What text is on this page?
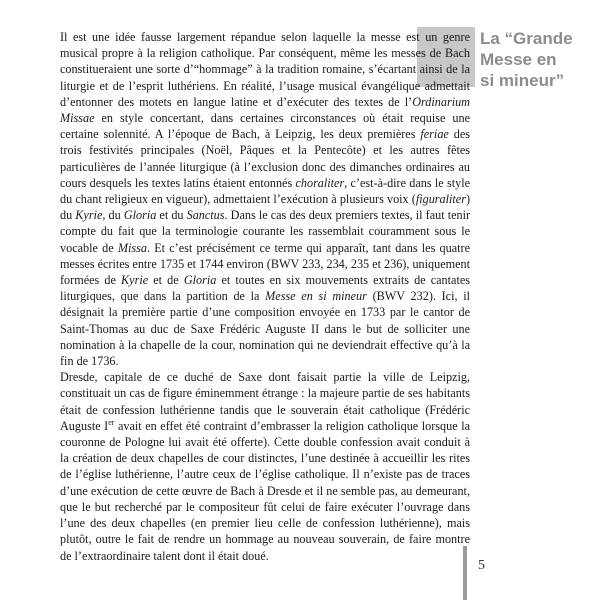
La “Grande
Messe en
si mineur”

Il est une idée fausse largement répandue selon laquelle la messe est un genre musical propre à la religion catholique. Par conséquent, même les messes de Bach constitueraient une sorte d’“hommage” à la tradition romaine, s’écartant ainsi de la liturgie et de l’esprit luthériens. En réalité, l’usage musical évangélique admettait d’entonner des motets en langue latine et d’exécuter des textes de l’Ordinarium Missae en style concertant, dans certaines circonstances où était requise une certaine solennité. A l’époque de Bach, à Leipzig, les deux premières feriae des trois festivités principales (Noël, Pâques et la Pentecôte) et les autres fêtes particulières de l’année liturgique (à l’exclusion donc des dimanches ordinaires au cours desquels les textes latins étaient entonnés choraliter, c’est-à-dire dans le style du chant religieux en vigueur), admettaient l’exécution à plusieurs voix (figuraliter) du Kyrie, du Gloria et du Sanctus. Dans le cas des deux premiers textes, il faut tenir compte du fait que la terminologie courante les rassemblait couramment sous le vocable de Missa. Et c’est précisément ce terme qui apparaît, tant dans les quatre messes écrites entre 1735 et 1744 environ (BWV 233, 234, 235 et 236), uniquement formées de Kyrie et de Gloria et toutes en six mouvements extraits de cantates liturgiques, que dans la partition de la Messe en si mineur (BWV 232). Ici, il désignait la première partie d’une composition envoyée en 1733 par le cantor de Saint-Thomas au duc de Saxe Frédéric Auguste II dans le but de solliciter une nomination à la chapelle de la cour, nomination qui ne deviendrait effective qu’à la fin de 1736.

Dresde, capitale de ce duché de Saxe dont faisait partie la ville de Leipzig, constituait un cas de figure éminemment étrange : la majeure partie de ses habitants était de confession luthérienne tandis que le souverain était catholique (Frédéric Auguste Ier avait en effet été contraint d’embrasser la religion catholique lorsque la couronne de Pologne lui avait été offerte). Cette double confession avait conduit à la création de deux chapelles de cour distinctes, l’une destinée à accueillir les rites de l’église luthérienne, l’autre ceux de l’église catholique. Il n’existe pas de traces d’une exécution de cette œuvre de Bach à Dresde et il ne semble pas, au demeurant, que le but recherché par le compositeur fût celui de faire exécuter l’ouvrage dans l’une des deux chapelles (en premier lieu celle de confession luthérienne), mais plutôt, outre le fait de rendre un hommage au nouveau souverain, de faire montre de l’extraordinaire talent dont il était doué.

5
